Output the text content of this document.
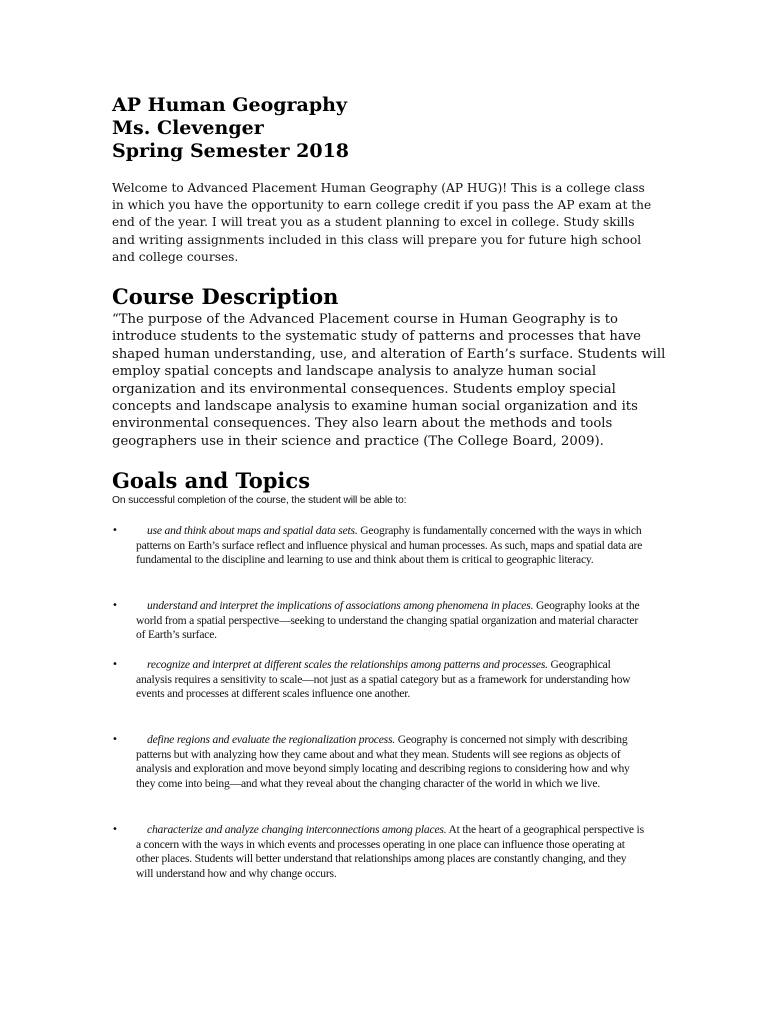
AP Human Geography
Ms. Clevenger
Spring Semester 2018

Welcome to Advanced Placement Human Geography (AP HUG)! This is a college class in which you have the opportunity to earn college credit if you pass the AP exam at the end of the year. I will treat you as a student planning to excel in college. Study skills and writing assignments included in this class will prepare you for future high school and college courses.

Course Description

“The purpose of the Advanced Placement course in Human Geography is to introduce students to the systematic study of patterns and processes that have shaped human understanding, use, and alteration of Earth’s surface. Students will employ spatial concepts and landscape analysis to analyze human social organization and its environmental consequences. Students employ special concepts and landscape analysis to examine human social organization and its environmental consequences. They also learn about the methods and tools geographers use in their science and practice (The College Board, 2009).

Goals and Topics

On successful completion of the course, the student will be able to:

•	use and think about maps and spatial data sets. Geography is fundamentally concerned with the ways in which patterns on Earth’s surface reflect and influence physical and human processes. As such, maps and spatial data are fundamental to the discipline and learning to use and think about them is critical to geographic literacy.

•	understand and interpret the implications of associations among phenomena in places. Geography looks at the world from a spatial perspective—seeking to understand the changing spatial organization and material character of Earth’s surface.

•	recognize and interpret at different scales the relationships among patterns and processes. Geographical analysis requires a sensitivity to scale—not just as a spatial category but as a framework for understanding how events and processes at different scales influence one another.

•	define regions and evaluate the regionalization process. Geography is concerned not simply with describing patterns but with analyzing how they came about and what they mean. Students will see regions as objects of analysis and exploration and move beyond simply locating and describing regions to considering how and why they come into being—and what they reveal about the changing character of the world in which we live.

•	characterize and analyze changing interconnections among places. At the heart of a geographical perspective is a concern with the ways in which events and processes operating in one place can influence those operating at other places. Students will better understand that relationships among places are constantly changing, and they will understand how and why change occurs.
